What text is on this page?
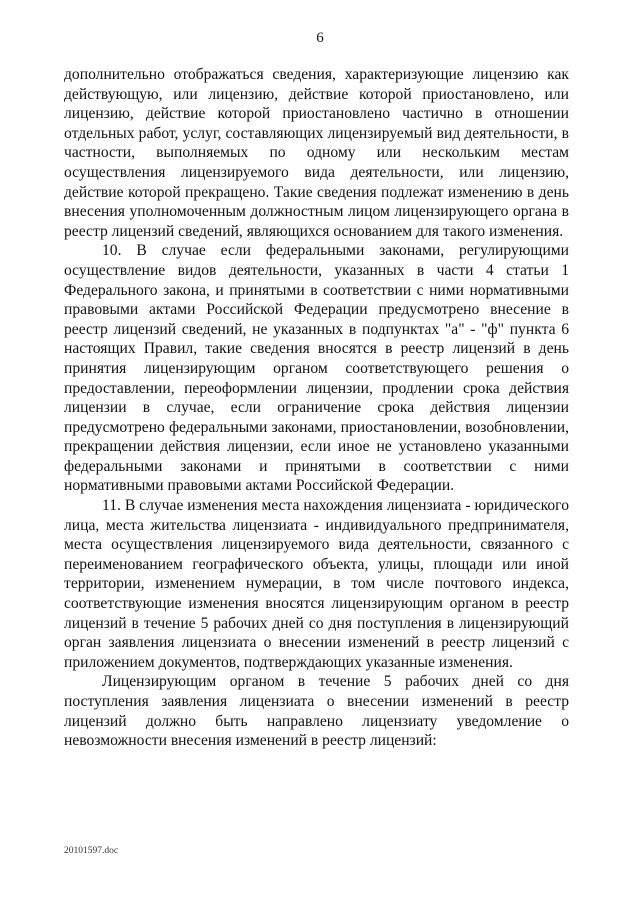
6

дополнительно отображаться сведения, характеризующие лицензию как действующую, или лицензию, действие которой приостановлено, или лицензию, действие которой приостановлено частично в отношении отдельных работ, услуг, составляющих лицензируемый вид деятельности, в частности, выполняемых по одному или нескольким местам осуществления лицензируемого вида деятельности, или лицензию, действие которой прекращено. Такие сведения подлежат изменению в день внесения уполномоченным должностным лицом лицензирующего органа в реестр лицензий сведений, являющихся основанием для такого изменения.

10. В случае если федеральными законами, регулирующими осуществление видов деятельности, указанных в части 4 статьи 1 Федерального закона, и принятыми в соответствии с ними нормативными правовыми актами Российской Федерации предусмотрено внесение в реестр лицензий сведений, не указанных в подпунктах "а" - "ф" пункта 6 настоящих Правил, такие сведения вносятся в реестр лицензий в день принятия лицензирующим органом соответствующего решения о предоставлении, переоформлении лицензии, продлении срока действия лицензии в случае, если ограничение срока действия лицензии предусмотрено федеральными законами, приостановлении, возобновлении, прекращении действия лицензии, если иное не установлено указанными федеральными законами и принятыми в соответствии с ними нормативными правовыми актами Российской Федерации.

11. В случае изменения места нахождения лицензиата - юридического лица, места жительства лицензиата - индивидуального предпринимателя, места осуществления лицензируемого вида деятельности, связанного с переименованием географического объекта, улицы, площади или иной территории, изменением нумерации, в том числе почтового индекса, соответствующие изменения вносятся лицензирующим органом в реестр лицензий в течение 5 рабочих дней со дня поступления в лицензирующий орган заявления лицензиата о внесении изменений в реестр лицензий с приложением документов, подтверждающих указанные изменения.

Лицензирующим органом в течение 5 рабочих дней со дня поступления заявления лицензиата о внесении изменений в реестр лицензий должно быть направлено лицензиату уведомление о невозможности внесения изменений в реестр лицензий:

20101597.doc
